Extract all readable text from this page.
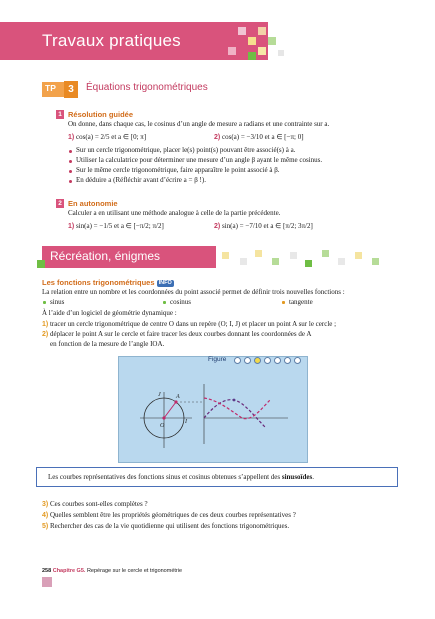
Travaux pratiques
TP	3	Équations trigonométriques
1 Résolution guidée
On donne, dans chaque cas, le cosinus d’un angle de mesure a radians et une contrainte sur a.
1) cos(a) = 2/5 et a ∈ [0; π]	2) cos(a) = −3/10 et a ∈ [−π; 0]
Sur un cercle trigonométrique, placer le(s) point(s) pouvant être associé(s) à a.
Utiliser la calculatrice pour déterminer une mesure d’un angle β ayant le même cosinus.
Sur le même cercle trigonométrique, faire apparaître le point associé à β.
En déduire a (Réfléchir avant d’écrire a = β !).
2 En autonomie
Calculer a en utilisant une méthode analogue à celle de la partie précédente.
1) sin(a) = −1/5 et a ∈ [−π/2; π/2]	2) sin(a) = −7/10 et a ∈ [π/2; 3π/2]
Récréation, énigmes
Les fonctions trigonométriques INFO
La relation entre un nombre et les coordonnées du point associé permet de définir trois nouvelles fonctions :
sinus	cosinus	tangente
À l’aide d’un logiciel de géométrie dynamique :
1) tracer un cercle trigonométrique de centre O dans un repère (O; I, J) et placer un point A sur le cercle ;
2) déplacer le point A sur le cercle et faire tracer les deux courbes donnant les coordonnées de A
en fonction de la mesure de l’angle IOA.
Figure
J	A
O
I
Les courbes représentatives des fonctions sinus et cosinus obtenues s’appellent des sinusoïdes.
3) Ces courbes sont-elles complètes ?
4) Quelles semblent être les propriétés géométriques de ces deux courbes représentatives ?
5) Rechercher des cas de la vie quotidienne qui utilisent des fonctions trigonométriques.
258 Chapitre G5. Repérage sur le cercle et trigonométrie
